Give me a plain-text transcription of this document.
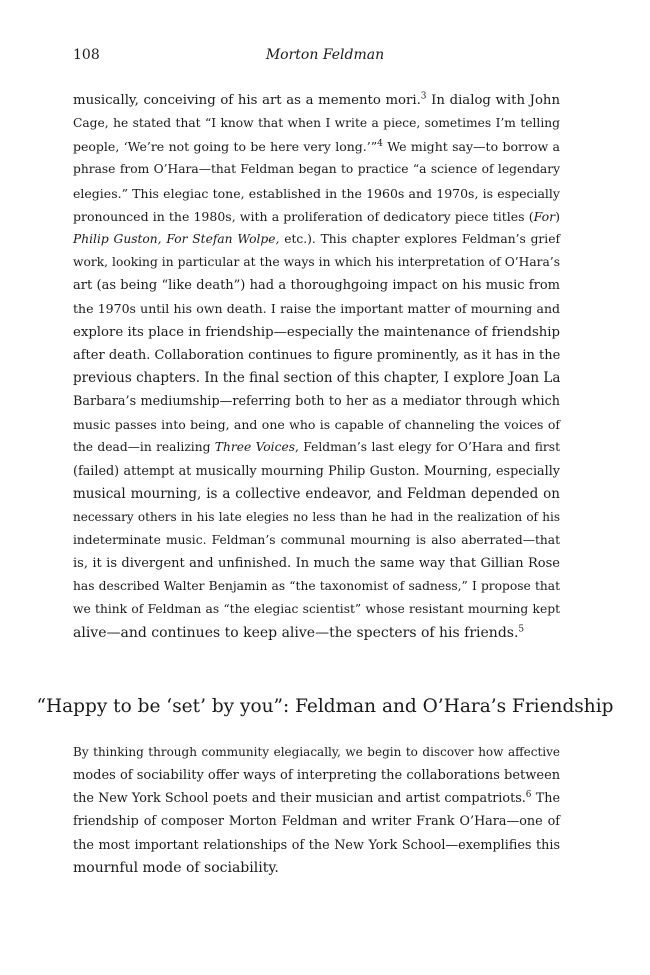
108	Morton Feldman
musically, conceiving of his art as a memento mori.$^3$ In dialog with John
Cage, he stated that “I know that when I write a piece, sometimes I’m telling
people, ‘We’re not going to be here very long.’”$^4$ We might say—to borrow a
phrase from O’Hara—that Feldman began to practice “a science of legendary
elegies.” This elegiac tone, established in the 1960s and 1970s, is especially
pronounced in the 1980s, with a proliferation of dedicatory piece titles (For)
Philip Guston, For Stefan Wolpe, etc.). This chapter explores Feldman’s grief
work, looking in particular at the ways in which his interpretation of O’Hara’s
art (as being “like death”) had a thoroughgoing impact on his music from
the 1970s until his own death. I raise the important matter of mourning and
explore its place in friendship—especially the maintenance of friendship
after death. Collaboration continues to figure prominently, as it has in the
previous chapters. In the final section of this chapter, I explore Joan La
Barbara’s mediumship—referring both to her as a mediator through which
music passes into being, and one who is capable of channeling the voices of
the dead—in realizing Three Voices, Feldman’s last elegy for O’Hara and first
(failed) attempt at musically mourning Philip Guston. Mourning, especially
musical mourning, is a collective endeavor, and Feldman depended on
necessary others in his late elegies no less than he had in the realization of his
indeterminate music. Feldman’s communal mourning is also aberrated—that
is, it is divergent and unfinished. In much the same way that Gillian Rose
has described Walter Benjamin as “the taxonomist of sadness,” I propose that
we think of Feldman as “the elegiac scientist” whose resistant mourning kept
alive—and continues to keep alive—the specters of his friends.$^5$
“Happy to be ‘set’ by you”: Feldman and O’Hara’s Friendship
By thinking through community elegiacally, we begin to discover how affective
modes of sociability offer ways of interpreting the collaborations between
the New York School poets and their musician and artist compatriots.$^6$ The
friendship of composer Morton Feldman and writer Frank O’Hara—one of
the most important relationships of the New York School—exemplifies this
mournful mode of sociability.
